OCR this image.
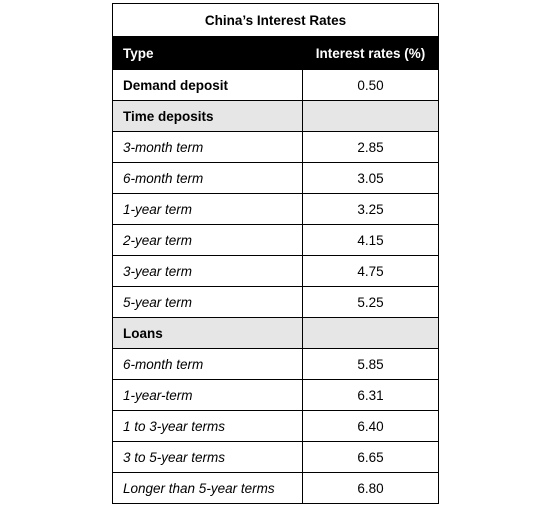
China’s Interest Rates	
Type	Interest rates (%)
Demand deposit	0.50
Time deposits	
3-month term	2.85
6-month term	3.05
1-year term	3.25
2-year term	4.15
3-year term	4.75
5-year term	5.25
Loans	
6-month term	5.85
1-year-term	6.31
1 to 3-year terms	6.40
3 to 5-year terms	6.65
Longer than 5-year terms	6.80
